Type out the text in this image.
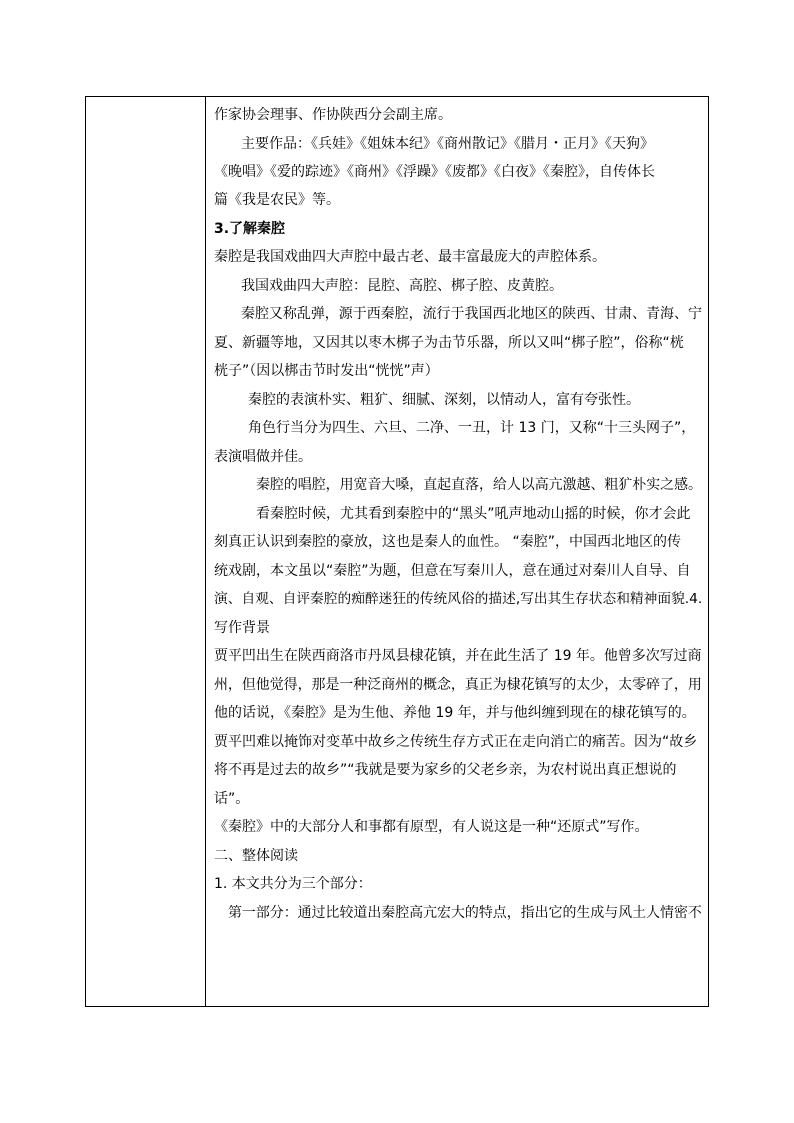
作家协会理事、作协陕西分会副主席。
主要作品：《兵娃》《姐妹本纪》《商州散记》《腊月・正月》《天狗》
《晚唱》《爱的踪迹》《商州》《浮躁》《废都》《白夜》《秦腔》，自传体长
篇《我是农民》等。
3.了解秦腔
秦腔是我国戏曲四大声腔中最古老、最丰富最庞大的声腔体系。
我国戏曲四大声腔：昆腔、高腔、梆子腔、皮黄腔。
秦腔又称乱弹，源于西秦腔，流行于我国西北地区的陕西、甘肃、青海、宁
夏、新疆等地，又因其以枣木梆子为击节乐器，所以又叫“梆子腔”，俗称“桄
桄子”（因以梆击节时发出“恍恍”声）
秦腔的表演朴实、粗犷、细腻、深刻，以情动人，富有夸张性。
角色行当分为四生、六旦、二净、一丑，计 13 门，又称“十三头网子”，
表演唱做并佳。
秦腔的唱腔，用宽音大嗓，直起直落，给人以高亢激越、粗犷朴实之感。
看秦腔时候，尤其看到秦腔中的“黑头”吼声地动山摇的时候，你才会此
刻真正认识到秦腔的豪放，这也是秦人的血性。 “秦腔”，中国西北地区的传
统戏剧，本文虽以“秦腔”为题，但意在写秦川人，意在通过对秦川人自导、自
演、自观、自评秦腔的痴醉迷狂的传统风俗的描述,写出其生存状态和精神面貌.4.
写作背景
贾平凹出生在陕西商洛市丹凤县棣花镇，并在此生活了 19 年。他曾多次写过商
州，但他觉得，那是一种泛商州的概念，真正为棣花镇写的太少，太零碎了，用
他的话说，《秦腔》是为生他、养他 19 年，并与他纠缠到现在的棣花镇写的。
贾平凹难以掩饰对变革中故乡之传统生存方式正在走向消亡的痛苦。因为“故乡
将不再是过去的故乡”“我就是要为家乡的父老乡亲，为农村说出真正想说的
话”。
《秦腔》中的大部分人和事都有原型，有人说这是一种“还原式”写作。
二、整体阅读
1. 本文共分为三个部分：
第一部分：通过比较道出秦腔高亢宏大的特点，指出它的生成与风土人情密不
